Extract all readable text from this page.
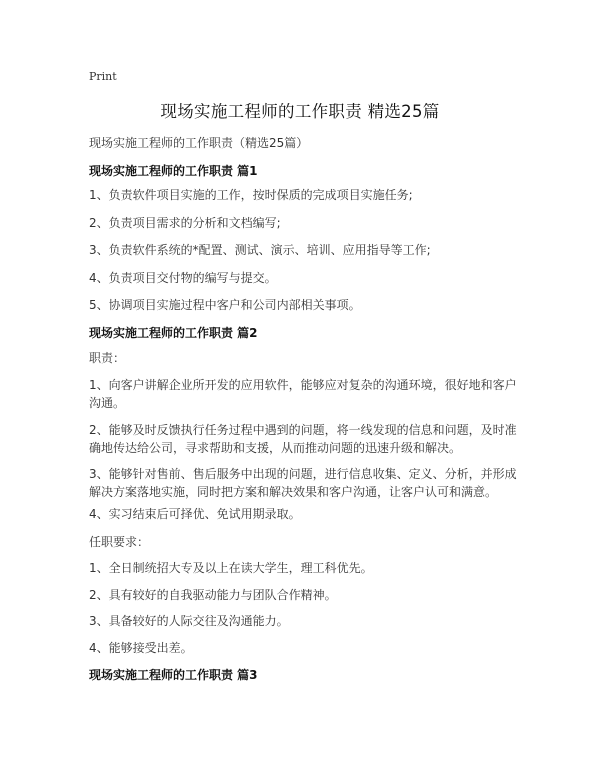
Print
现场实施工程师的工作职责 精选25篇
现场实施工程师的工作职责（精选25篇）
现场实施工程师的工作职责 篇1
1、负责软件项目实施的工作，按时保质的完成项目实施任务;
2、负责项目需求的分析和文档编写;
3、负责软件系统的*配置、测试、演示、培训、应用指导等工作;
4、负责项目交付物的编写与提交。
5、协调项目实施过程中客户和公司内部相关事项。
现场实施工程师的工作职责 篇2
职责：
1、向客户讲解企业所开发的应用软件，能够应对复杂的沟通环境，很好地和客户
沟通。
2、能够及时反馈执行任务过程中遇到的问题，将一线发现的信息和问题，及时准
确地传达给公司，寻求帮助和支援，从而推动问题的迅速升级和解决。
3、能够针对售前、售后服务中出现的问题，进行信息收集、定义、分析，并形成
解决方案落地实施，同时把方案和解决效果和客户沟通，让客户认可和满意。
4、实习结束后可择优、免试用期录取。
任职要求：
1、全日制统招大专及以上在读大学生，理工科优先。
2、具有较好的自我驱动能力与团队合作精神。
3、具备较好的人际交往及沟通能力。
4、能够接受出差。
现场实施工程师的工作职责 篇3
